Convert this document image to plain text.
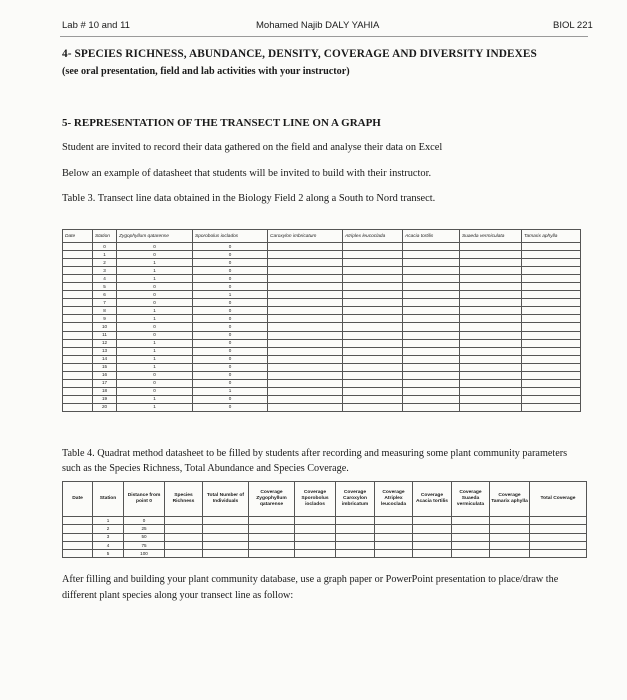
Lab # 10 and 11	Mohamed Najib DALY YAHIA	BIOL 221
4- SPECIES RICHNESS, ABUNDANCE, DENSITY, COVERAGE AND DIVERSITY INDEXES
(see oral presentation, field and lab activities with your instructor)
5- REPRESENTATION OF THE TRANSECT LINE ON A GRAPH
Student are invited to record their data gathered on the field and analyse their data on Excel
Below an example of datasheet that students will be invited to build with their instructor.
Table 3. Transect line data obtained in the Biology Field 2 along a South to Nord transect.
Date	Station	Zygophyllum qatarense	Sporobolus ioclados	Caroxylon imbricatum	Atriplex leucoclada	Acacia tortilis	Suaeda vermiculata	Tamarix aphylla
	0	0	0					
	1	0	0					
	2	1	0					
	3	1	0					
	4	1	0					
	5	0	0					
	6	0	1					
	7	0	0					
	8	1	0					
	9	1	0					
	10	0	0					
	11	0	0					
	12	1	0					
	13	1	0					
	14	1	0					
	15	1	0					
	16	0	0					
	17	0	0					
	18	0	1					
	19	1	0					
	20	1	0					
Table 4. Quadrat method datasheet to be filled by students after recording and measuring some plant community parameters such as the Species Richness, Total Abundance and Species Coverage.
Date	Station	Distance from point 0	Species Richness	Total Number of Individuals	Coverage Zygophyllum qatarense	Coverage Sporobolus ioclados	Coverage Caroxylon imbricatum	Coverage Atriplex leucoclada	Coverage Acacia tortilis	Coverage Suaeda vermiculata	Coverage Tamarix aphylla	Total Coverage
	1	0										
	2	25										
	3	50										
	4	75										
	5	100										
After filling and building your plant community database, use a graph paper or PowerPoint presentation to place/draw the different plant species along your transect line as follow:
